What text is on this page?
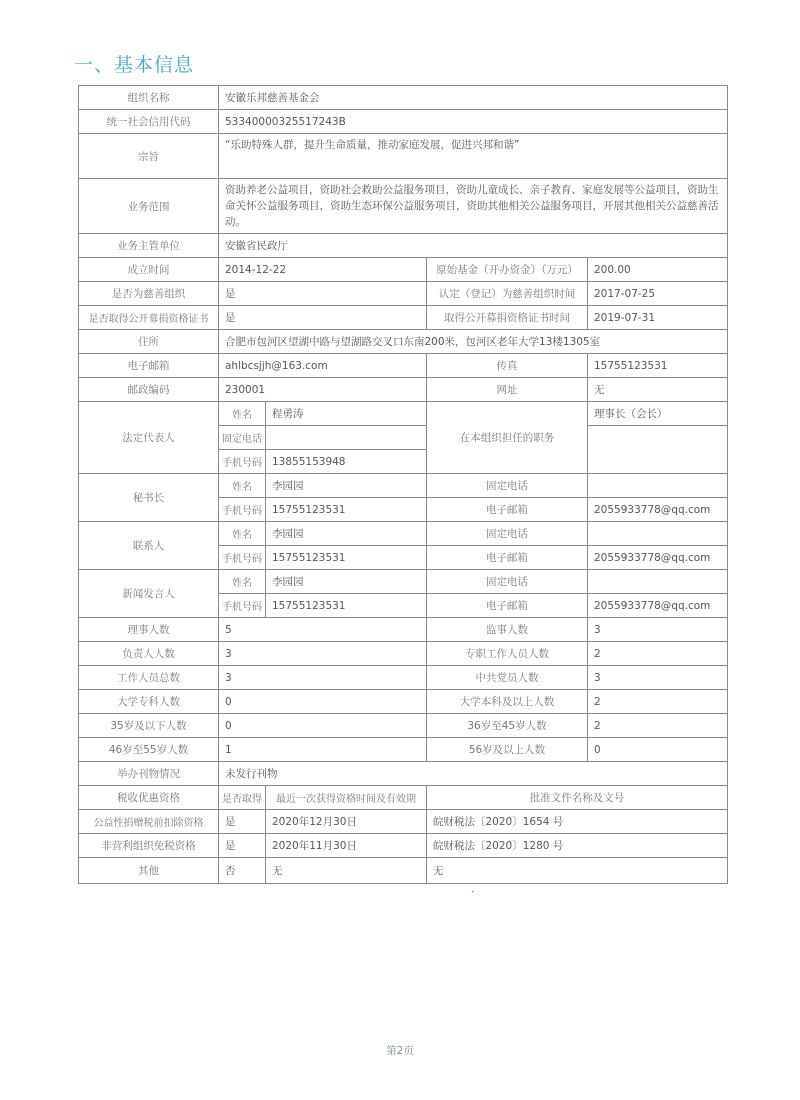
一、基本信息
组织名称	安徽乐邦慈善基金会			
统一社会信用代码	53340000325517243B			
宗旨	“乐助特殊人群，提升生命质量，推动家庭发展，促进兴邦和谐”			
业务范围	资助养老公益项目，资助社会救助公益服务项目，资助儿童成长、亲子教育、家庭发展等公益项目，资助生命关怀公益服务项目，资助生态环保公益服务项目，资助其他相关公益服务项目，开展其他相关公益慈善活动。			
业务主管单位	安徽省民政厅			
成立时间	2014-12-22		原始基金（开办资金）（万元）	200.00
是否为慈善组织	是		认定（登记）为慈善组织时间	2017-07-25
是否取得公开募捐资格证书	是		取得公开募捐资格证书时间	2019-07-31
住所	合肥市包河区望湖中路与望湖路交叉口东南200米，包河区老年大学13楼1305室			
电子邮箱	ahlbcsjjh@163.com		传真	15755123531
邮政编码	230001		网址	无
法定代表人	姓名	程勇涛	在本组织担任的职务	理事长（会长）
	固定电话			
	手机号码	13855153948		
秘书长	姓名	李园园	固定电话	
	手机号码	15755123531	电子邮箱	2055933778@qq.com
联系人	姓名	李园园	固定电话	
	手机号码	15755123531	电子邮箱	2055933778@qq.com
新闻发言人	姓名	李园园	固定电话	
	手机号码	15755123531	电子邮箱	2055933778@qq.com
理事人数	5		监事人数	3
负责人人数	3		专职工作人员人数	2
工作人员总数	3		中共党员人数	3
大学专科人数	0		大学本科及以上人数	2
35岁及以下人数	0		36岁至45岁人数	2
46岁至55岁人数	1		56岁及以上人数	0
举办刊物情况	未发行刊物			
税收优惠资格	是否取得	最近一次获得资格时间及有效期	批准文件名称及文号	
公益性捐赠税前扣除资格	是	2020年12月30日	皖财税法〔2020〕1654 号	
非营利组织免税资格	是	2020年11月30日	皖财税法〔2020〕1280 号	
其他	否	无	无	
ˊ
第2页
